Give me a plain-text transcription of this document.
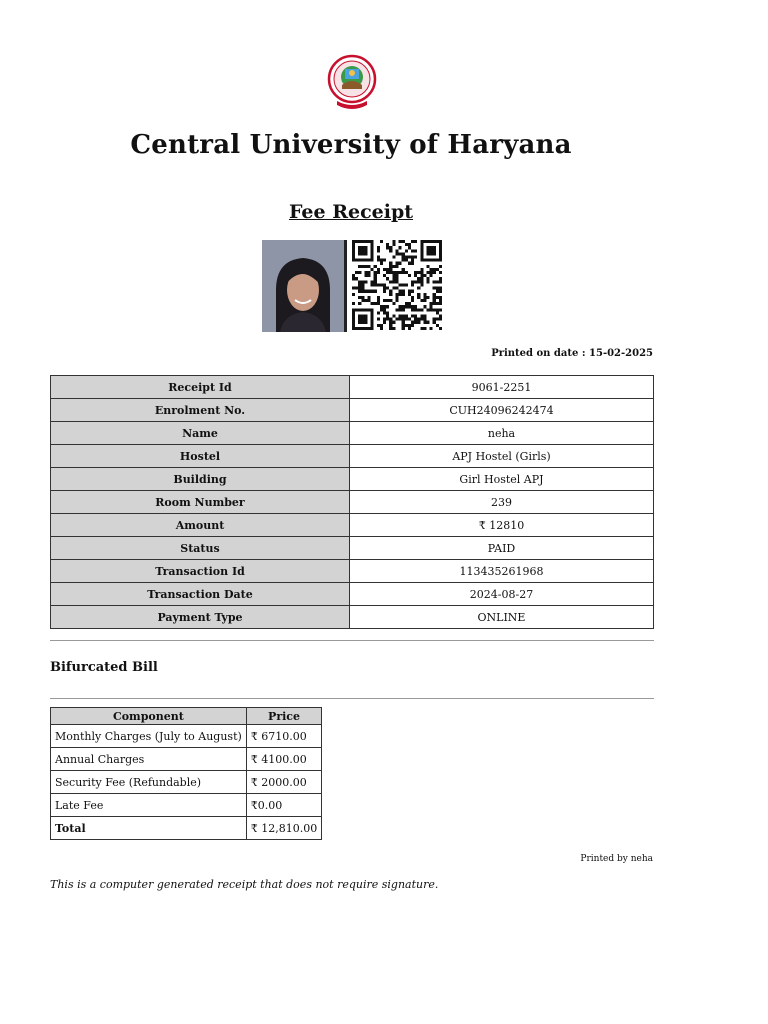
Central University of Haryana
Fee Receipt
Printed on date : 15-02-2025
Receipt Id	9061-2251
Enrolment No.	CUH24096242474
Name	neha
Hostel	APJ Hostel (Girls)
Building	Girl Hostel APJ
Room Number	239
Amount	₹ 12810
Status	PAID
Transaction Id	113435261968
Transaction Date	2024-08-27
Payment Type	ONLINE
Bifurcated Bill
Component	Price
Monthly Charges (July to August)	₹ 6710.00
Annual Charges	₹ 4100.00
Security Fee (Refundable)	₹ 2000.00
Late Fee	₹0.00
Total	₹ 12,810.00
Printed by neha
This is a computer generated receipt that does not require signature.
